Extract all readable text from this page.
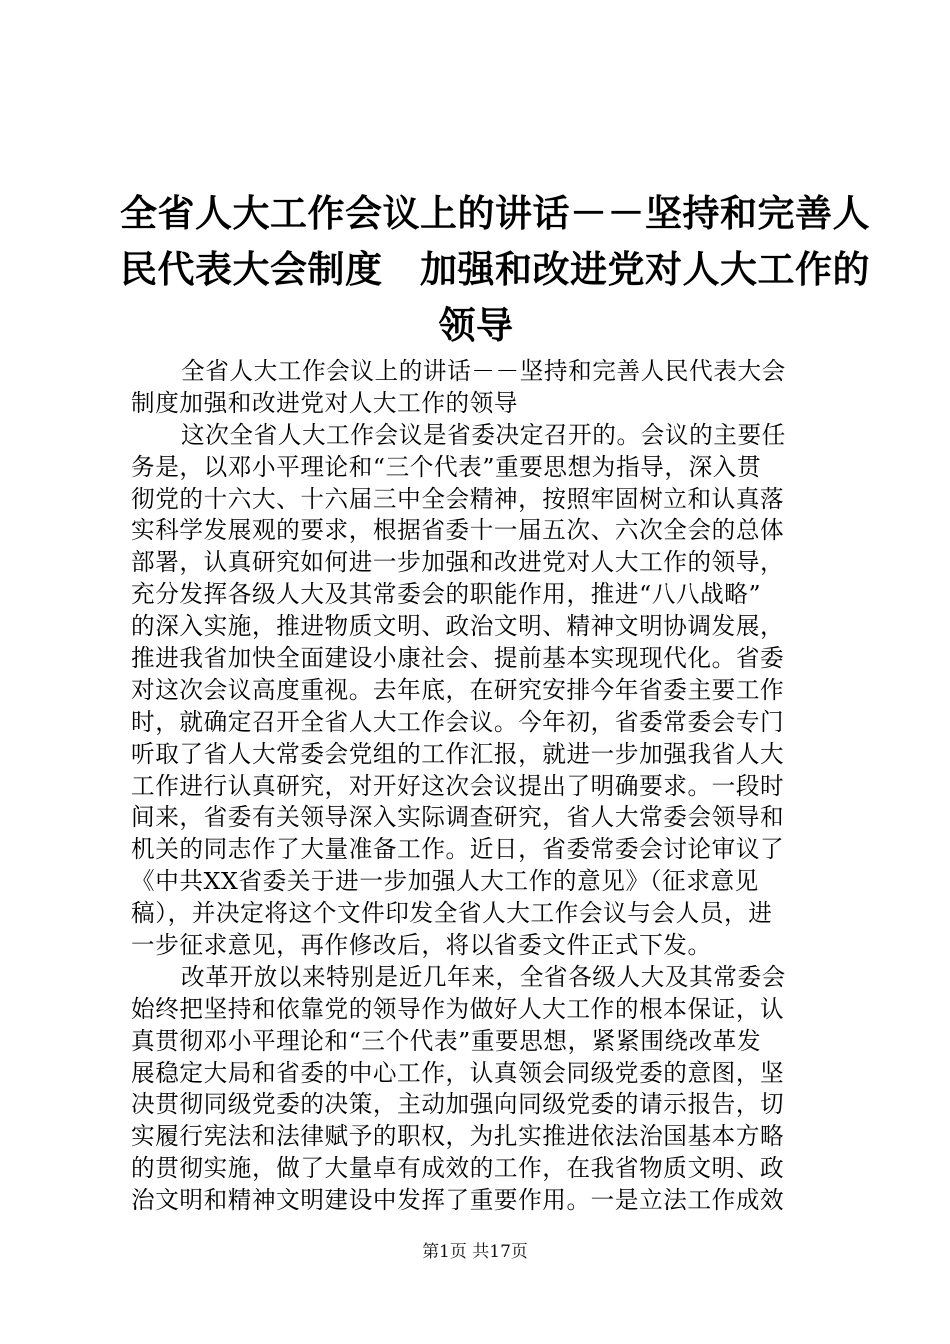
全省人大工作会议上的讲话－－坚持和完善人
民代表大会制度　加强和改进党对人大工作的
领导
全省人大工作会议上的讲话－－坚持和完善人民代表大会
制度加强和改进党对人大工作的领导
这次全省人大工作会议是省委决定召开的。会议的主要任
务是，以邓小平理论和“三个代表”重要思想为指导，深入贯
彻党的十六大、十六届三中全会精神，按照牢固树立和认真落
实科学发展观的要求，根据省委十一届五次、六次全会的总体
部署，认真研究如何进一步加强和改进党对人大工作的领导，
充分发挥各级人大及其常委会的职能作用，推进“八八战略”
的深入实施，推进物质文明、政治文明、精神文明协调发展，
推进我省加快全面建设小康社会、提前基本实现现代化。省委
对这次会议高度重视。去年底，在研究安排今年省委主要工作
时，就确定召开全省人大工作会议。今年初，省委常委会专门
听取了省人大常委会党组的工作汇报，就进一步加强我省人大
工作进行认真研究，对开好这次会议提出了明确要求。一段时
间来，省委有关领导深入实际调查研究，省人大常委会领导和
机关的同志作了大量准备工作。近日，省委常委会讨论审议了
《中共XX省委关于进一步加强人大工作的意见》（征求意见
稿），并决定将这个文件印发全省人大工作会议与会人员，进
一步征求意见，再作修改后，将以省委文件正式下发。
改革开放以来特别是近几年来，全省各级人大及其常委会
始终把坚持和依靠党的领导作为做好人大工作的根本保证，认
真贯彻邓小平理论和“三个代表”重要思想，紧紧围绕改革发
展稳定大局和省委的中心工作，认真领会同级党委的意图，坚
决贯彻同级党委的决策，主动加强向同级党委的请示报告，切
实履行宪法和法律赋予的职权，为扎实推进依法治国基本方略
的贯彻实施，做了大量卓有成效的工作，在我省物质文明、政
治文明和精神文明建设中发挥了重要作用。一是立法工作成效
第1页 共17页
